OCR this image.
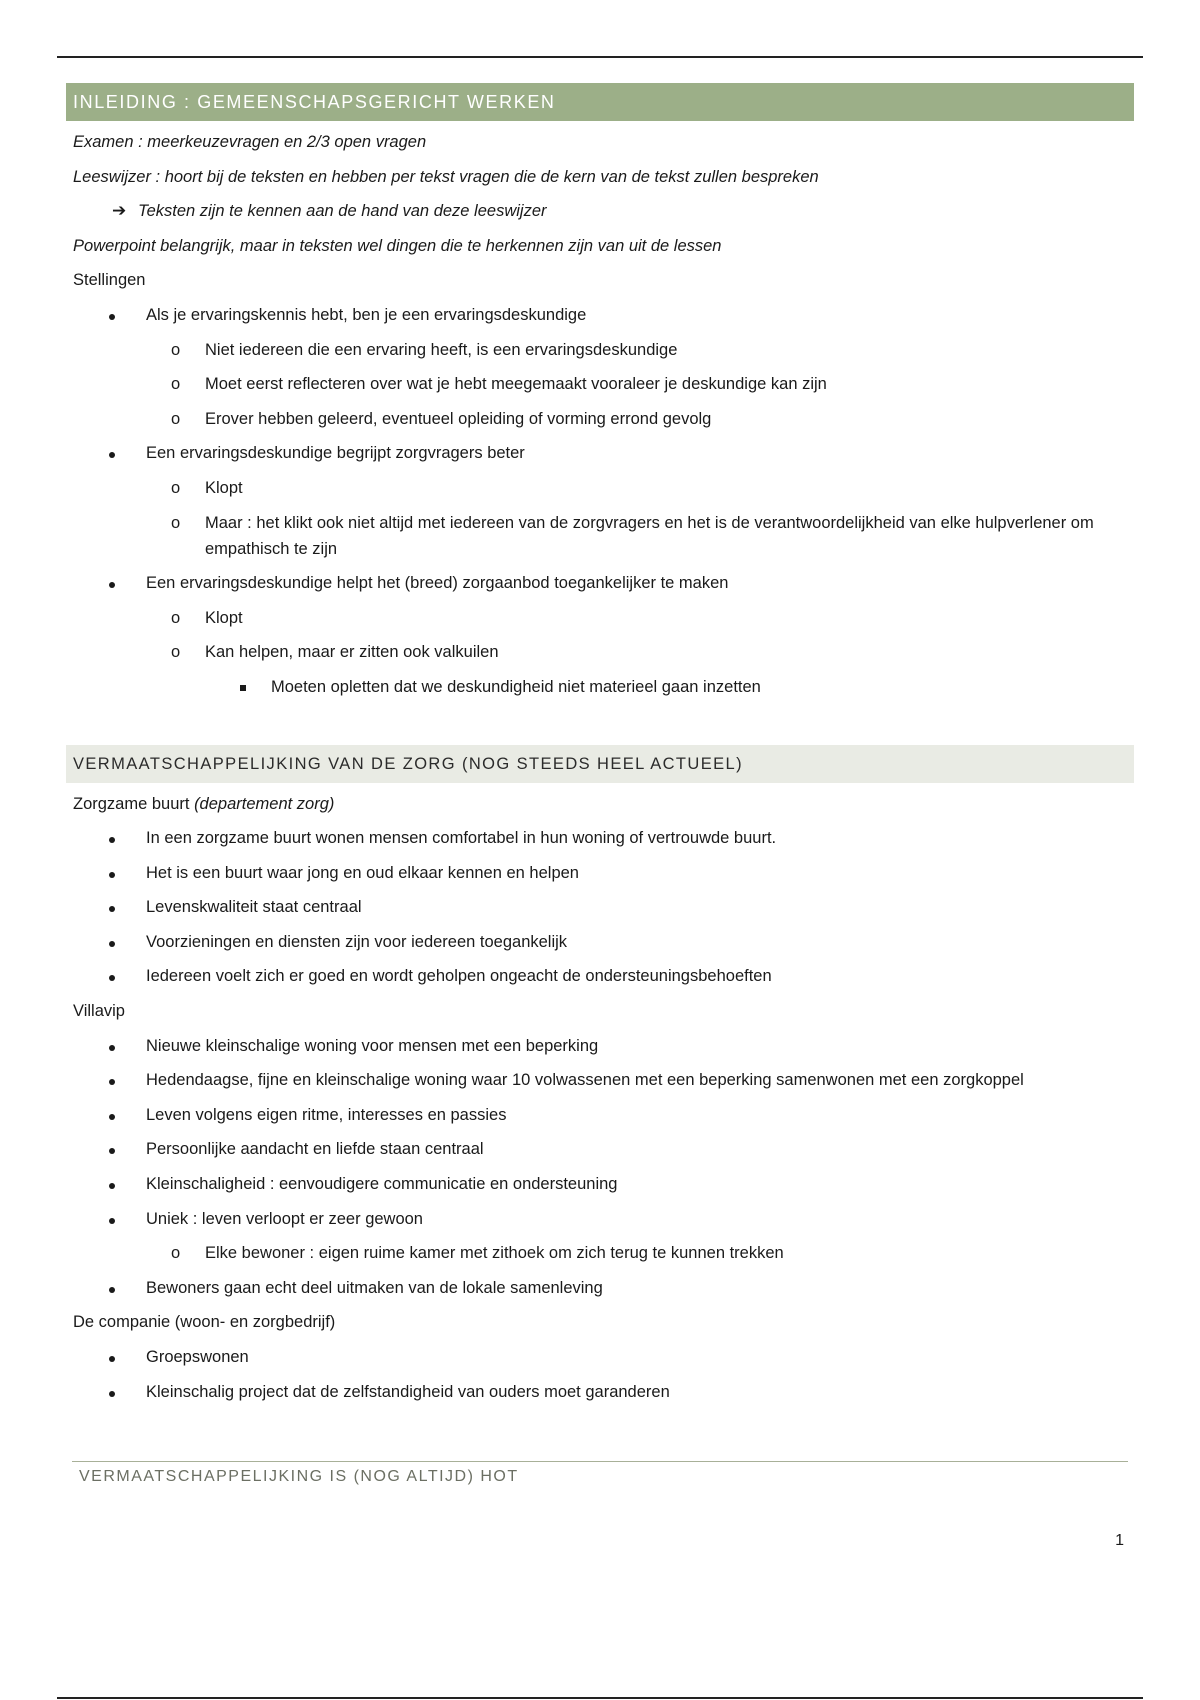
INLEIDING : GEMEENSCHAPSGERICHT WERKEN
Examen : meerkeuzevragen en 2/3 open vragen
Leeswijzer : hoort bij de teksten en hebben per tekst vragen die de kern van de tekst zullen bespreken
➔ Teksten zijn te kennen aan de hand van deze leeswijzer
Powerpoint belangrijk, maar in teksten wel dingen die te herkennen zijn van uit de lessen
Stellingen
Als je ervaringskennis hebt, ben je een ervaringsdeskundige
o Niet iedereen die een ervaring heeft, is een ervaringsdeskundige
o Moet eerst reflecteren over wat je hebt meegemaakt vooraleer je deskundige kan zijn
o Erover hebben geleerd, eventueel opleiding of vorming errond gevolg
Een ervaringsdeskundige begrijpt zorgvragers beter
o Klopt
o Maar : het klikt ook niet altijd met iedereen van de zorgvragers en het is de verantwoordelijkheid van elke hulpverlener om empathisch te zijn
Een ervaringsdeskundige helpt het (breed) zorgaanbod toegankelijker te maken
o Klopt
o Kan helpen, maar er zitten ook valkuilen
Moeten opletten dat we deskundigheid niet materieel gaan inzetten
VERMAATSCHAPPELIJKING VAN DE ZORG (NOG STEEDS HEEL ACTUEEL)
Zorgzame buurt (departement zorg)
In een zorgzame buurt wonen mensen comfortabel in hun woning of vertrouwde buurt.
Het is een buurt waar jong en oud elkaar kennen en helpen
Levenskwaliteit staat centraal
Voorzieningen en diensten zijn voor iedereen toegankelijk
Iedereen voelt zich er goed en wordt geholpen ongeacht de ondersteuningsbehoeften
Villavip
Nieuwe kleinschalige woning voor mensen met een beperking
Hedendaagse, fijne en kleinschalige woning waar 10 volwassenen met een beperking samenwonen met een zorgkoppel
Leven volgens eigen ritme, interesses en passies
Persoonlijke aandacht en liefde staan centraal
Kleinschaligheid : eenvoudigere communicatie en ondersteuning
Uniek : leven verloopt er zeer gewoon
o Elke bewoner : eigen ruime kamer met zithoek om zich terug te kunnen trekken
Bewoners gaan echt deel uitmaken van de lokale samenleving
De companie (woon- en zorgbedrijf)
Groepswonen
Kleinschalig project dat de zelfstandigheid van ouders moet garanderen
VERMAATSCHAPPELIJKING IS (NOG ALTIJD) HOT
1
